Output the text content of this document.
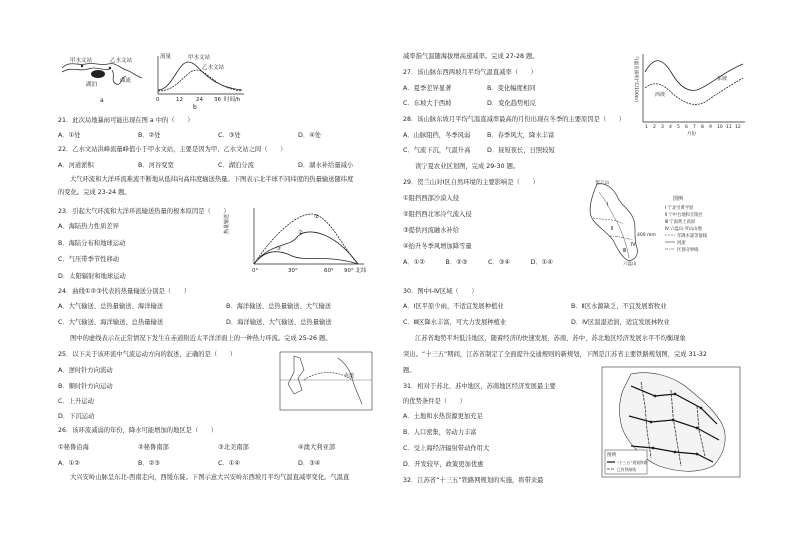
甲水文站	乙水文站
湖泊
曲流
a
流量	甲水文站
乙水文站
0	12 24 36 时间/h
b
21．此次局地暴雨可能出现在图 a 中的（　　）
A．①处	B．②处	C．③处	D．④处
22．乙水文站洪峰流量峰值小于甲水文站，主要是因为甲、乙水文站之间（　　）
A．河道淤积	B．河谷变宽	C．湖泊分流	D．湖水补给量减小
大气环流和大洋环流难流不断地从低纬向高纬度输送热量。下图表示北半球不同纬度的热量输送随纬度
的变化。完成 23-24 题。
23．引起大气环流和大洋环流输送热量的根本原因是（　　）
A．海陆热力性质差异
B．海陆分布和地球运动
C．气压带季节性移动
D．太阳辐射和地球运动
热量输送
0°	30°	60° 90° 北纬
①
②
③
24．曲线①②③代表的热量输送分别是（　　）
A．大气输送、总热量输送、海洋输送	B．海洋输送、总热量输送、大气输送
C．大气输送、海洋输送、总热量输送	D．海洋输送、大气输送、总热量输送
图中的虚线表示在正常情况下发生在赤道附近太平洋洋面上的一种热力环流。完成 25-26 题。
25．以下关于该环流中气流运动方向的叙述，正确的是（　　）
A．逆时针方向流动
B．顺时针方向运动
C．上升运动
D．下沉运动
赤道
26．该环流减弱的年份，降水可能增加的地区是（　　）
①秘鲁沿海	②秘鲁南部	③北美南部	④澳大利亚部
A．①②	B．②③	C．①④	D．③④
大兴安岭山脉呈东北-西南走向，西缓东陡。下图示意大兴安岭东西坡月平均气温直减率变化。气温直
减率指气温随海拔增高递减率。完成 27-28 题。
27．该山脉东西两坡月平均气温直减率（　　）
A．夏季差异显著	B．变化幅度相同
C．东坡大于西坡	D．变化趋势相反
28．该山脉东坡月平均气温直减率最高的月份出现在冬季的主要原因是（　　）
A．山脉阻挡，冬季风弱	B．春季风大，降水丰富
C．气流下沉，气温升高	D．昼短夜长，日照较短
气温直减率(°C/100m)	东坡
西坡
1 2 3 4 5 6 7 8 9 10 11 12
月份
读宁夏农业区划图，完成 29-30 题。
29．贺兰山对Ⅰ区自然环境的主要影响是（　　）
①阻挡西部沙漠入侵
②阻挡西北寒冷气流入侵
③提供河流融水补给
④抬升冬季风增加降雪量
A．①②	B．②③	C．③④	D．①④
贺兰山
Ⅰ
Ⅱ
Ⅲ
Ⅳ
六盘山
400 mm
图例
Ⅰ 宁北引黄平原
Ⅱ 宁中台地和丘陵区
Ⅲ 宁南黄土高原
Ⅳ 六盘山·罗山山地
年降水量等值线
河流
区划分界线
30．图中Ⅰ-Ⅳ区域（　　）
A．Ⅰ区平原少雨，不适宜发展种植业	B．Ⅱ区水源缺乏，不宜发展畜牧业
C．Ⅲ区降水丰富，可大力发展种植业	D．Ⅳ区温湿适润，适宜发展林牧业
江苏省地势平坦低洼地区，随着经济的快速发展，苏南、苏中、苏北地区经济发展水平不均衡现象
突出。“十三五”期间，江苏省制定了全面提升交通规则的新规划，下图是江苏省主要铁路规划图，完成 31-32
题。
31．相对于苏北、苏中地区，苏南地区经济发展最主要
的优势条件是（　　）
A．土地和水热资源更加充足
B．人口密集，劳动力丰富
C．受上海经济辐射带动作用大
D．开发较早，政策更加优惠
32．江苏省“十三五”铁路网规划的实施，将带来最
图例
“十三五”规划铁路
已有铁路线
